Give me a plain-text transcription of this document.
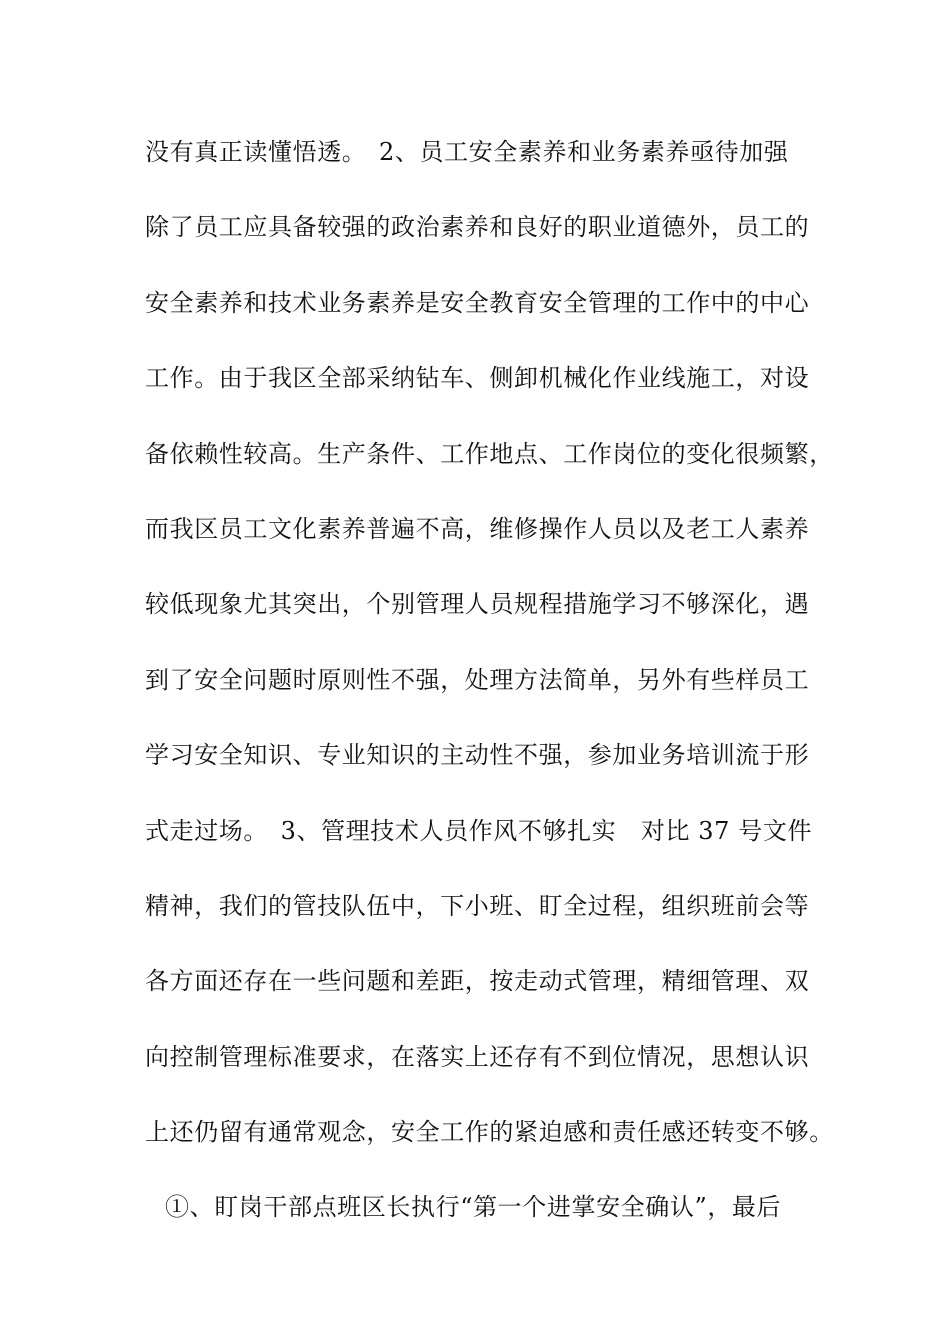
没有真正读懂悟透。　2、员工安全素养和业务素养亟待加强
除了员工应具备较强的政治素养和良好的职业道德外，员工的
安全素养和技术业务素养是安全教育安全管理的工作中的中心
工作。由于我区全部采纳钻车、侧卸机械化作业线施工，对设
备依赖性较高。生产条件、工作地点、工作岗位的变化很频繁，
而我区员工文化素养普遍不高，维修操作人员以及老工人素养
较低现象尤其突出，个别管理人员规程措施学习不够深化，遇
到了安全问题时原则性不强，处理方法简单，另外有些样员工
学习安全知识、专业知识的主动性不强，参加业务培训流于形
式走过场。　3、管理技术人员作风不够扎实　对比 37 号文件
精神，我们的管技队伍中，下小班、盯全过程，组织班前会等
各方面还存在一些问题和差距，按走动式管理，精细管理、双
向控制管理标准要求，在落实上还存有不到位情况，思想认识
上还仍留有通常观念，安全工作的紧迫感和责任感还转变不够。
①、盯岗干部点班区长执行“第一个进掌安全确认”，最后
